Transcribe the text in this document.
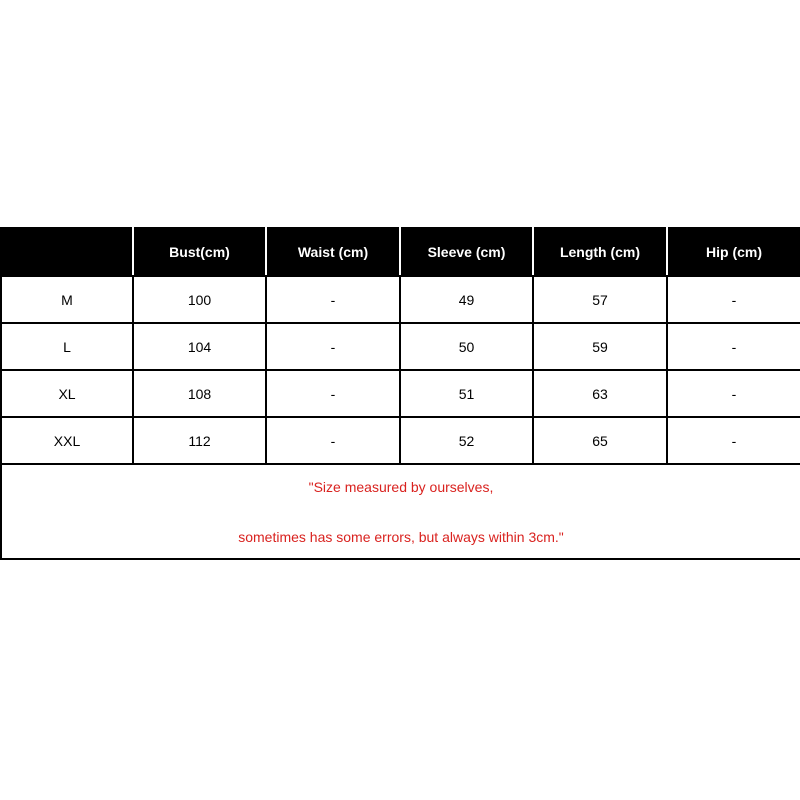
	Bust(cm)	Waist (cm)	Sleeve (cm)	Length (cm)	Hip (cm)
M	100	-	49	57	-
L	104	-	50	59	-
XL	108	-	51	63	-
XXL	112	-	52	65	-

"Size measured by ourselves,
sometimes has some errors, but always within 3cm."					
